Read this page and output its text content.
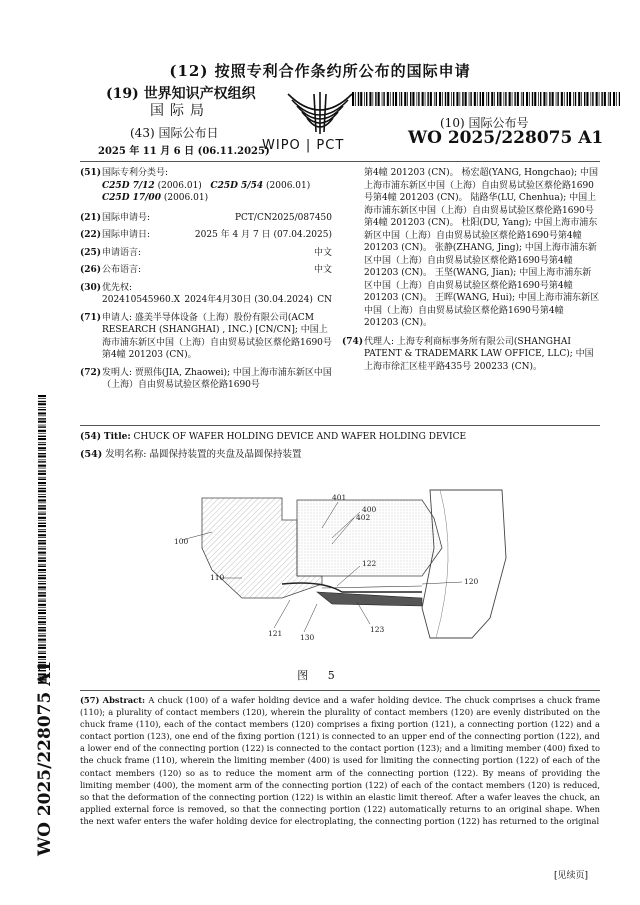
(12) 按照专利合作条约所公布的国际申请
(19) 世界知识产权组织
国际局
WIPO | PCT
(43) 国际公布日
2025 年 11 月 6 日 (06.11.2025)
(10) 国际公布号
WO 2025/228075 A1
(51) 国际专利分类号:
C25D 7/12 (2006.01) C25D 5/54 (2006.01)
C25D 17/00 (2006.01)
(21) 国际申请号:	PCT/CN2025/087450
(22) 国际申请日:	2025 年 4 月 7 日 (07.04.2025)
(25) 申请语言:	中文
(26) 公布语言:	中文
(30) 优先权:
202410545960.X 2024年4月30日 (30.04.2024) CN
(71) 申请人: 盛美半导体设备（上海）股份有限公司(ACM RESEARCH (SHANGHAI) , INC.) [CN/CN]; 中国上海市浦东新区中国（上海）自由贸易试验区蔡伦路1690号第4幢 201203 (CN)。
(72) 发明人: 贾照伟(JIA, Zhaowei); 中国上海市浦东新区中国（上海）自由贸易试验区蔡伦路1690号
第4幢 201203 (CN)。 杨宏超(YANG, Hongchao); 中国上海市浦东新区中国（上海）自由贸易试验区蔡伦路1690号第4幢 201203 (CN)。 陆路华(LU, Chenhua); 中国上海市浦东新区中国（上海）自由贸易试验区蔡伦路1690号第4幢 201203 (CN)。 杜阳(DU, Yang); 中国上海市浦东新区中国（上海）自由贸易试验区蔡伦路1690号第4幢 201203 (CN)。 张静(ZHANG, Jing); 中国上海市浦东新区中国（上海）自由贸易试验区蔡伦路1690号第4幢 201203 (CN)。 王坚(WANG, Jian); 中国上海市浦东新区中国（上海）自由贸易试验区蔡伦路1690号第4幢 201203 (CN)。 王晖(WANG, Hui); 中国上海市浦东新区中国（上海）自由贸易试验区蔡伦路1690号第4幢 201203 (CN)。
(74) 代理人: 上海专利商标事务所有限公司(SHANGHAI PATENT & TRADEMARK LAW OFFICE, LLC); 中国上海市徐汇区桂平路435号 200233 (CN)。
WO 2025/228075 A1
(54) Title: CHUCK OF WAFER HOLDING DEVICE AND WAFER HOLDING DEVICE
(54) 发明名称: 晶圆保持装置的夹盘及晶圆保持装置
401
400
402
100
122
110	120
121 130
123
图 5
(57) Abstract: A chuck (100) of a wafer holding device and a wafer holding device. The chuck comprises a chuck frame (110); a plurality of contact members (120), wherein the plurality of contact members (120) are evenly distributed on the chuck frame (110), each of the contact members (120) comprises a fixing portion (121), a connecting portion (122) and a contact portion (123), one end of the fixing portion (121) is connected to an upper end of the connecting portion (122), and a lower end of the connecting portion (122) is connected to the contact portion (123); and a limiting member (400) fixed to the chuck frame (110), wherein the limiting member (400) is used for limiting the connecting portion (122) of each of the contact members (120) so as to reduce the moment arm of the connecting portion (122). By means of providing the limiting member (400), the moment arm of the connecting portion (122) of each of the contact members (120) is reduced, so that the deformation of the connecting portion (122) is within an elastic limit thereof. After a wafer leaves the chuck, an applied external force is removed, so that the connecting portion (122) automatically returns to an original shape. When the next wafer enters the wafer holding device for electroplating, the connecting portion (122) has returned to the original
[见续页]
